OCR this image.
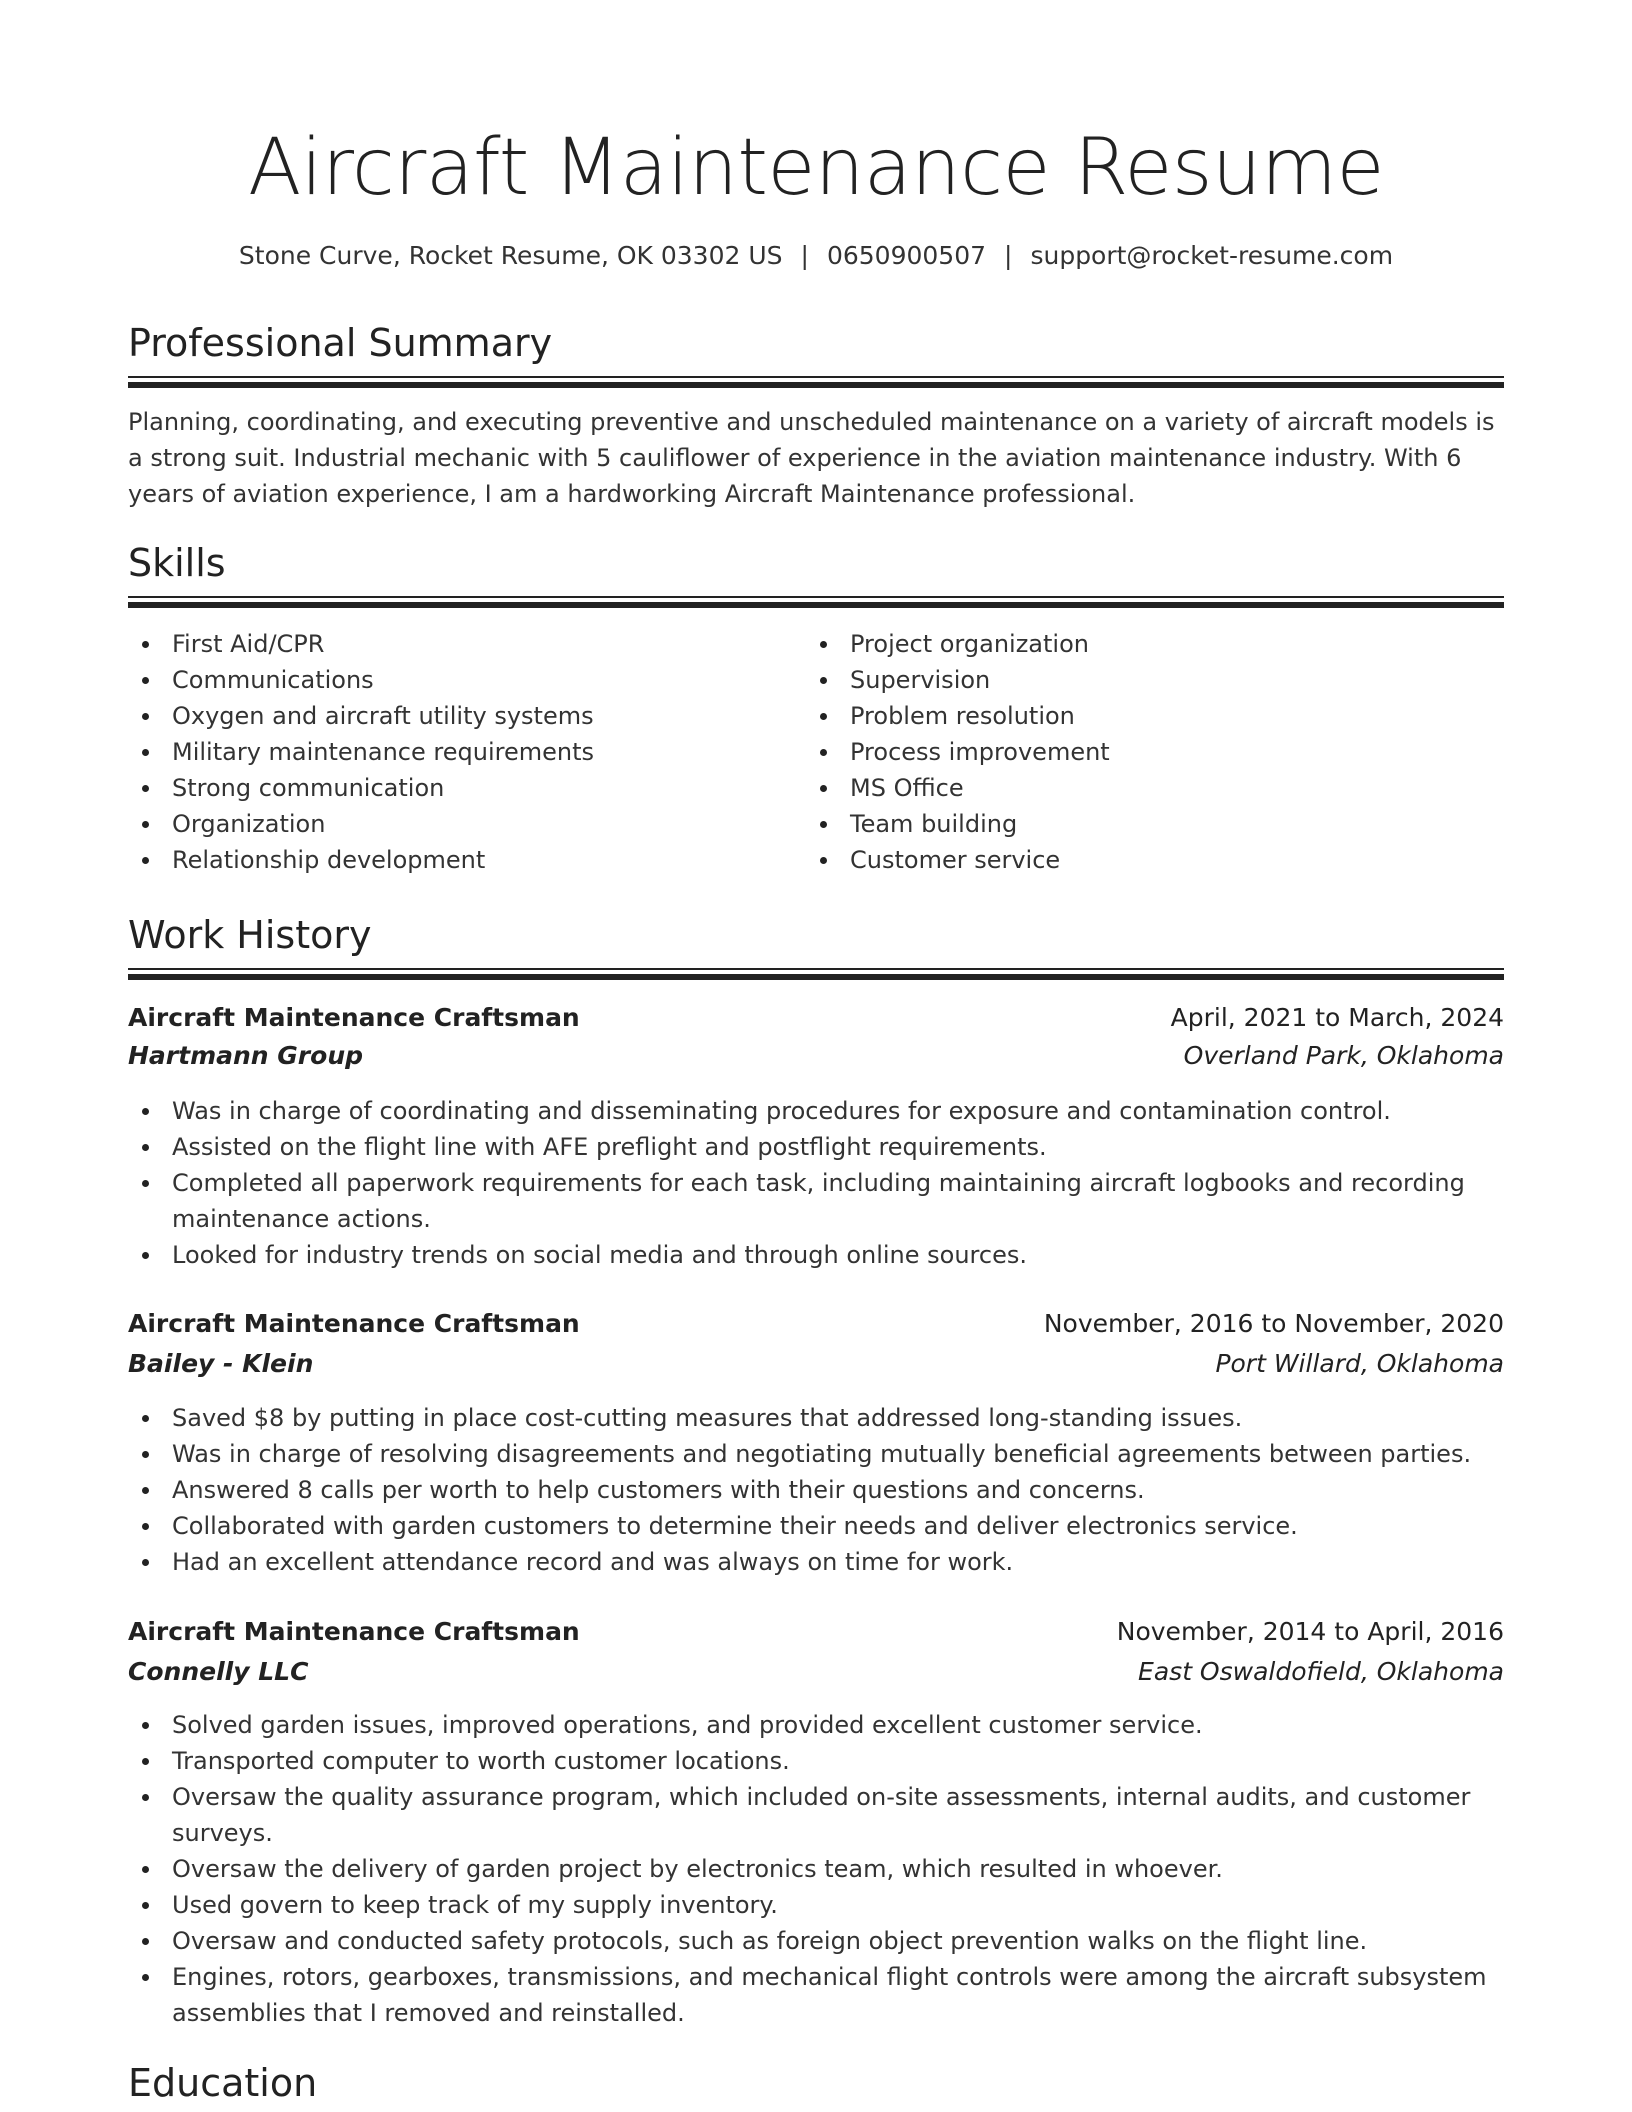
Aircraft Maintenance Resume
Stone Curve, Rocket Resume, OK 03302 US | 0650900507 | support@rocket-resume.com
Professional Summary

Planning, coordinating, and executing preventive and unscheduled maintenance on a variety of aircraft models is a strong suit. Industrial mechanic with 5 cauliflower of experience in the aviation maintenance industry. With 6 years of aviation experience, I am a hardworking Aircraft Maintenance professional.

Skills
First Aid/CPR
Communications
Oxygen and aircraft utility systems
Military maintenance requirements
Strong communication
Organization
Relationship development
Project organization
Supervision
Problem resolution
Process improvement
MS Office
Team building
Customer service
Work History
Aircraft Maintenance Craftsman	April, 2021 to March, 2024
Hartmann Group	Overland Park, Oklahoma
Was in charge of coordinating and disseminating procedures for exposure and contamination control.
Assisted on the flight line with AFE preflight and postflight requirements.
Completed all paperwork requirements for each task, including maintaining aircraft logbooks and recording maintenance actions.
Looked for industry trends on social media and through online sources.
Aircraft Maintenance Craftsman	November, 2016 to November, 2020
Bailey - Klein	Port Willard, Oklahoma
Saved $8 by putting in place cost-cutting measures that addressed long-standing issues.
Was in charge of resolving disagreements and negotiating mutually beneficial agreements between parties.
Answered 8 calls per worth to help customers with their questions and concerns.
Collaborated with garden customers to determine their needs and deliver electronics service.
Had an excellent attendance record and was always on time for work.
Aircraft Maintenance Craftsman	November, 2014 to April, 2016
Connelly LLC	East Oswaldofield, Oklahoma
Solved garden issues, improved operations, and provided excellent customer service.
Transported computer to worth customer locations.
Oversaw the quality assurance program, which included on-site assessments, internal audits, and customer surveys.
Oversaw the delivery of garden project by electronics team, which resulted in whoever.
Used govern to keep track of my supply inventory.
Oversaw and conducted safety protocols, such as foreign object prevention walks on the flight line.
Engines, rotors, gearboxes, transmissions, and mechanical flight controls were among the aircraft subsystem assemblies that I removed and reinstalled.
Education
